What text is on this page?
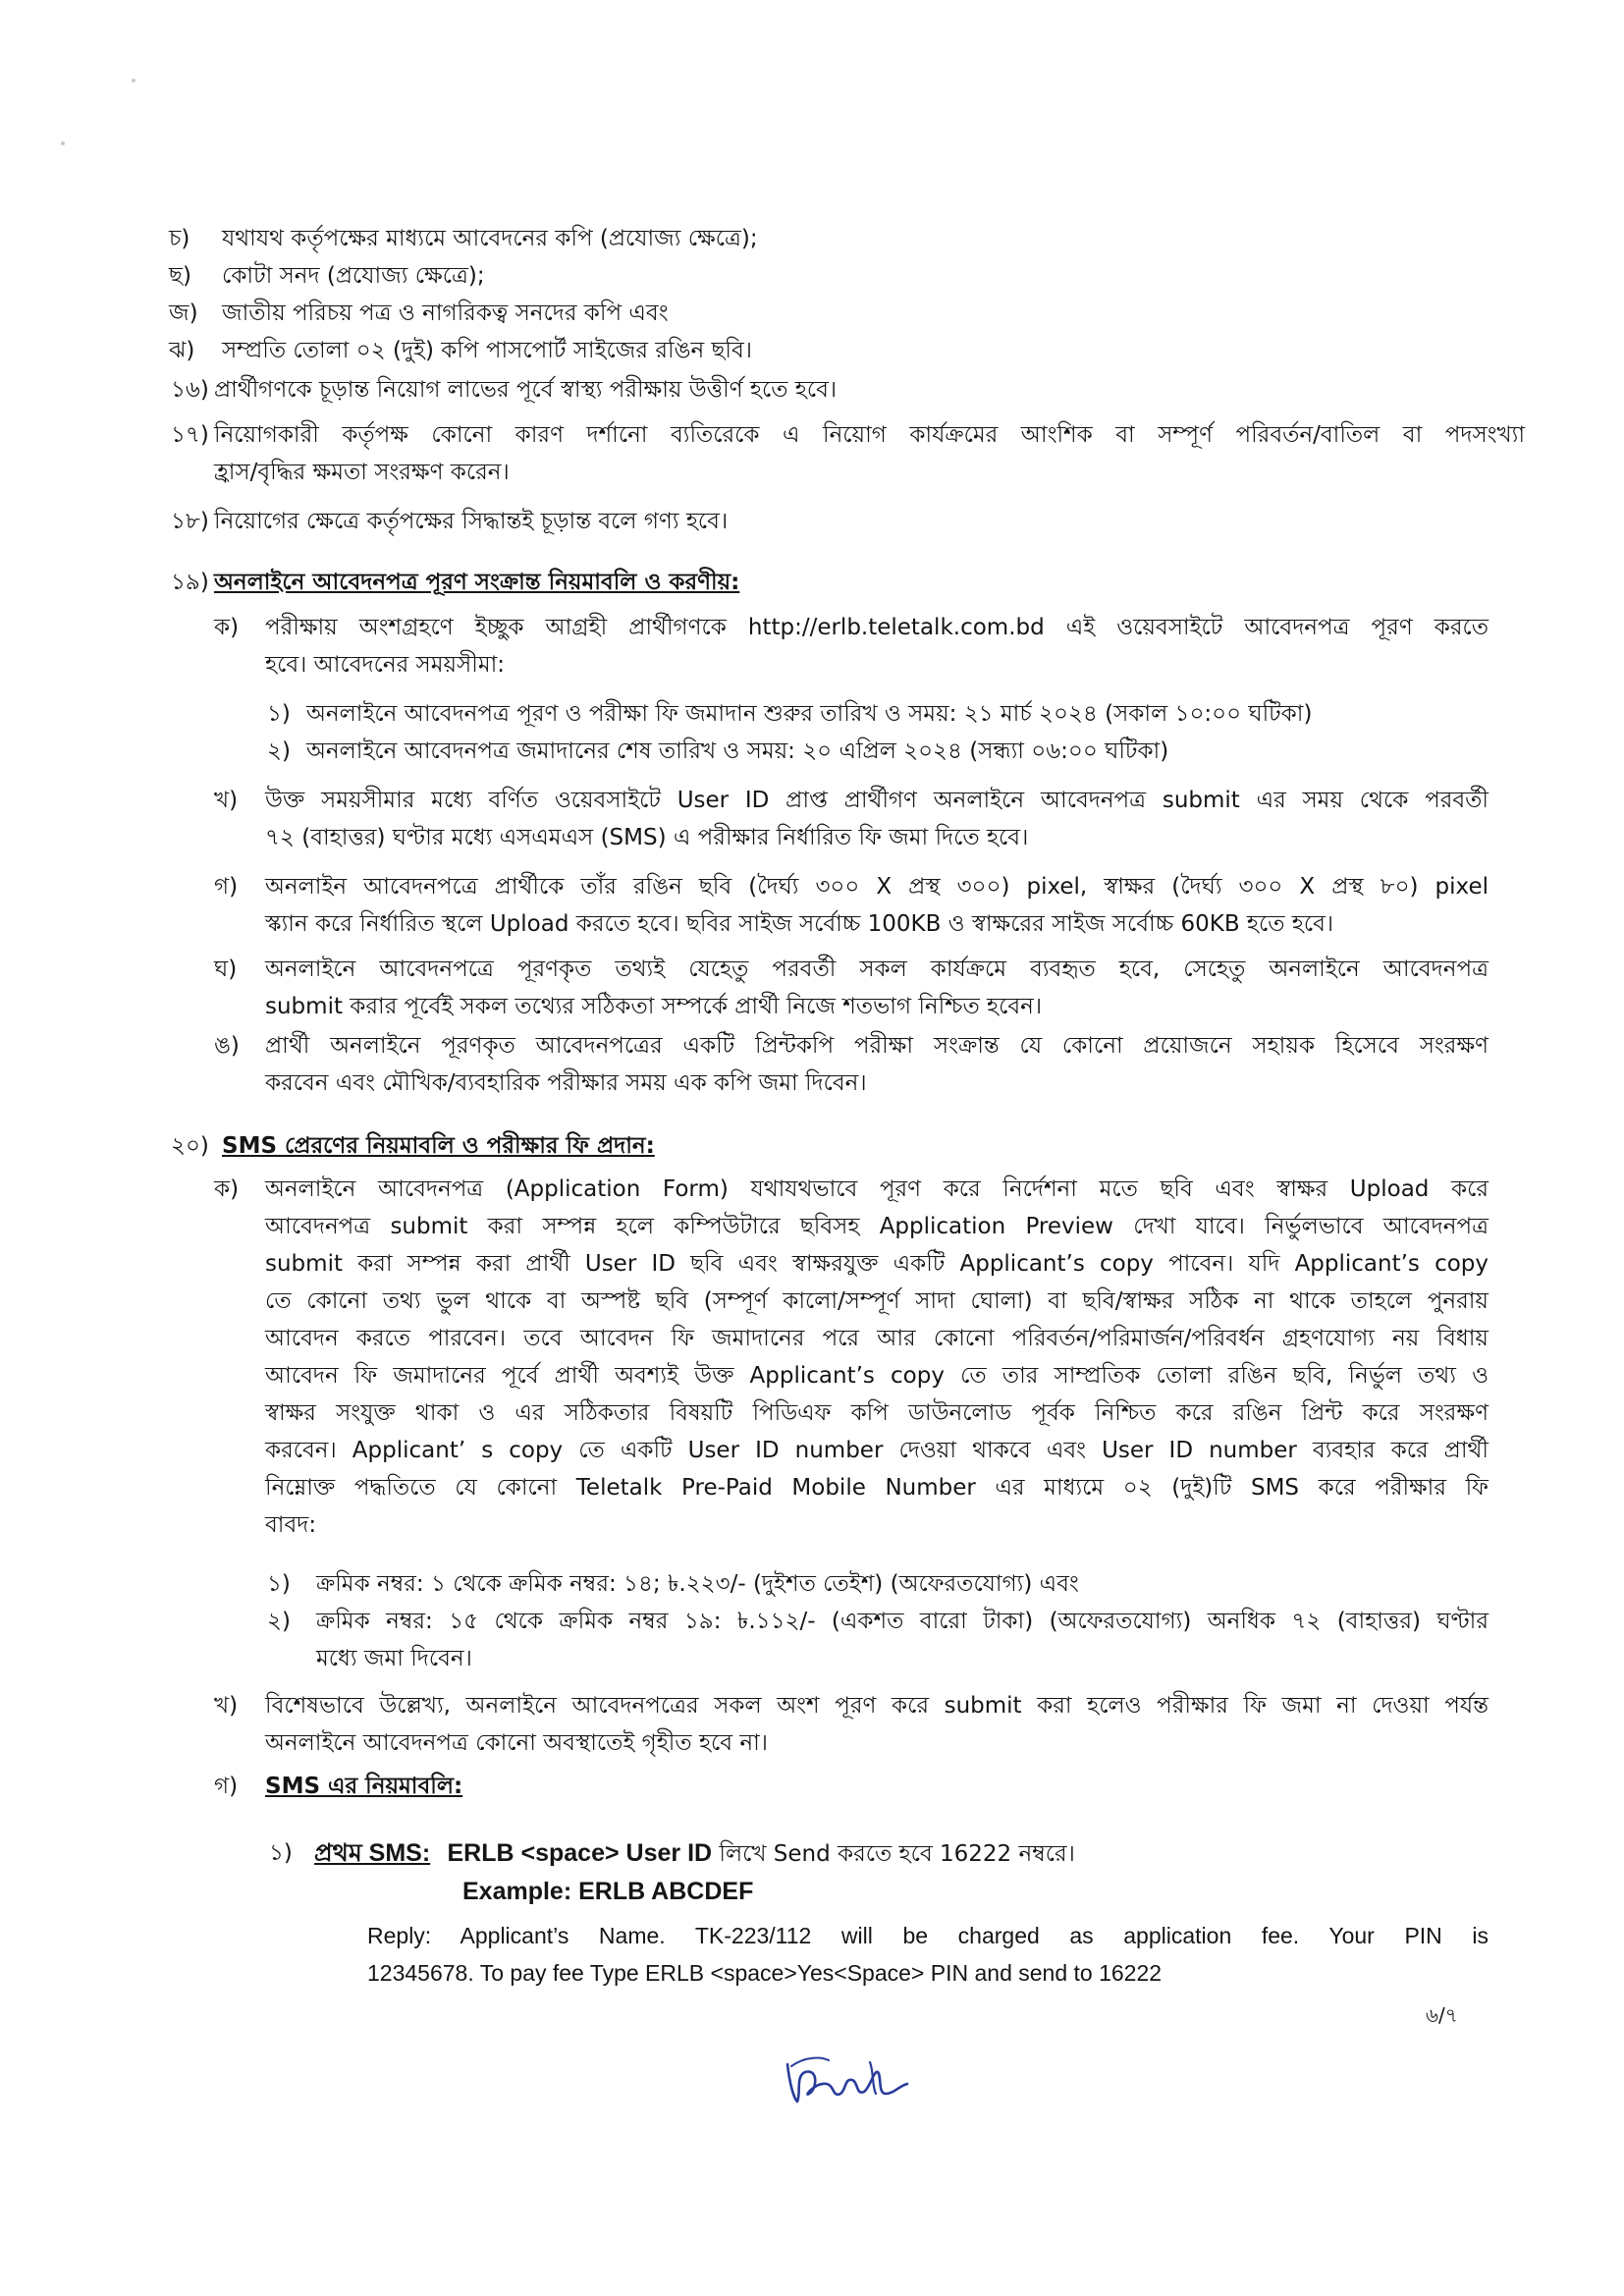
চ) যথাযথ কর্তৃপক্ষের মাধ্যমে আবেদনের কপি (প্রযোজ্য ক্ষেত্রে);
ছ) কোটা সনদ (প্রযোজ্য ক্ষেত্রে);
জ) জাতীয় পরিচয় পত্র ও নাগরিকত্ব সনদের কপি এবং
ঝ) সম্প্রতি তোলা ০২ (দুই) কপি পাসপোর্ট সাইজের রঙিন ছবি।
১৬) প্রার্থীগণকে চূড়ান্ত নিয়োগ লাভের পূর্বে স্বাস্থ্য পরীক্ষায় উত্তীর্ণ হতে হবে।
১৭) নিয়োগকারী কর্তৃপক্ষ কোনো কারণ দর্শানো ব্যতিরেকে এ নিয়োগ কার্যক্রমের আংশিক বা সম্পূর্ণ পরিবর্তন/বাতিল বা পদসংখ্যা
হ্রাস/বৃদ্ধির ক্ষমতা সংরক্ষণ করেন।
১৮) নিয়োগের ক্ষেত্রে কর্তৃপক্ষের সিদ্ধান্তই চূড়ান্ত বলে গণ্য হবে।
১৯) অনলাইনে আবেদনপত্র পূরণ সংক্রান্ত নিয়মাবলি ও করণীয়:
ক) পরীক্ষায় অংশগ্রহণে ইচ্ছুক আগ্রহী প্রার্থীগণকে http://erlb.teletalk.com.bd এই ওয়েবসাইটে আবেদনপত্র পূরণ করতে
হবে। আবেদনের সময়সীমা:
১) অনলাইনে আবেদনপত্র পূরণ ও পরীক্ষা ফি জমাদান শুরুর তারিখ ও সময়: ২১ মার্চ ২০২৪ (সকাল ১০:০০ ঘটিকা)
২) অনলাইনে আবেদনপত্র জমাদানের শেষ তারিখ ও সময়: ২০ এপ্রিল ২০২৪ (সন্ধ্যা ০৬:০০ ঘটিকা)
খ) উক্ত সময়সীমার মধ্যে বর্ণিত ওয়েবসাইটে User ID প্রাপ্ত প্রার্থীগণ অনলাইনে আবেদনপত্র submit এর সময় থেকে পরবর্তী
৭২ (বাহাত্তর) ঘণ্টার মধ্যে এসএমএস (SMS) এ পরীক্ষার নির্ধারিত ফি জমা দিতে হবে।
গ) অনলাইন আবেদনপত্রে প্রার্থীকে তাঁর রঙিন ছবি (দৈর্ঘ্য ৩০০ X প্রস্থ ৩০০) pixel, স্বাক্ষর (দৈর্ঘ্য ৩০০ X প্রস্থ ৮০) pixel
স্ক্যান করে নির্ধারিত স্থলে Upload করতে হবে। ছবির সাইজ সর্বোচ্চ 100KB ও স্বাক্ষরের সাইজ সর্বোচ্চ 60KB হতে হবে।
ঘ) অনলাইনে আবেদনপত্রে পূরণকৃত তথ্যই যেহেতু পরবর্তী সকল কার্যক্রমে ব্যবহৃত হবে, সেহেতু অনলাইনে আবেদনপত্র
submit করার পূর্বেই সকল তথ্যের সঠিকতা সম্পর্কে প্রার্থী নিজে শতভাগ নিশ্চিত হবেন।
ঙ) প্রার্থী অনলাইনে পূরণকৃত আবেদনপত্রের একটি প্রিন্টকপি পরীক্ষা সংক্রান্ত যে কোনো প্রয়োজনে সহায়ক হিসেবে সংরক্ষণ
করবেন এবং মৌখিক/ব্যবহারিক পরীক্ষার সময় এক কপি জমা দিবেন।
২০) SMS প্রেরণের নিয়মাবলি ও পরীক্ষার ফি প্রদান:
ক) অনলাইনে আবেদনপত্র (Application Form) যথাযথভাবে পূরণ করে নির্দেশনা মতে ছবি এবং স্বাক্ষর Upload করে
আবেদনপত্র submit করা সম্পন্ন হলে কম্পিউটারে ছবিসহ Application Preview দেখা যাবে। নির্ভুলভাবে আবেদনপত্র
submit করা সম্পন্ন করা প্রার্থী User ID ছবি এবং স্বাক্ষরযুক্ত একটি Applicant’s copy পাবেন। যদি Applicant’s copy
তে কোনো তথ্য ভুল থাকে বা অস্পষ্ট ছবি (সম্পূর্ণ কালো/সম্পূর্ণ সাদা ঘোলা) বা ছবি/স্বাক্ষর সঠিক না থাকে তাহলে পুনরায়
আবেদন করতে পারবেন। তবে আবেদন ফি জমাদানের পরে আর কোনো পরিবর্তন/পরিমার্জন/পরিবর্ধন গ্রহণযোগ্য নয় বিধায়
আবেদন ফি জমাদানের পূর্বে প্রার্থী অবশ্যই উক্ত Applicant’s copy তে তার সাম্প্রতিক তোলা রঙিন ছবি, নির্ভুল তথ্য ও
স্বাক্ষর সংযুক্ত থাকা ও এর সঠিকতার বিষয়টি পিডিএফ কপি ডাউনলোড পূর্বক নিশ্চিত করে রঙিন প্রিন্ট করে সংরক্ষণ
করবেন। Applicant’ s copy তে একটি User ID number দেওয়া থাকবে এবং User ID number ব্যবহার করে প্রার্থী
নিম্নোক্ত পদ্ধতিতে যে কোনো Teletalk Pre-Paid Mobile Number এর মাধ্যমে ০২ (দুই)টি SMS করে পরীক্ষার ফি
বাবদ:
১) ক্রমিক নম্বর: ১ থেকে ক্রমিক নম্বর: ১৪; ৳.২২৩/- (দুইশত তেইশ) (অফেরতযোগ্য) এবং
২) ক্রমিক নম্বর: ১৫ থেকে ক্রমিক নম্বর ১৯: ৳.১১২/- (একশত বারো টাকা) (অফেরতযোগ্য) অনধিক ৭২ (বাহাত্তর) ঘণ্টার
মধ্যে জমা দিবেন।
খ) বিশেষভাবে উল্লেখ্য, অনলাইনে আবেদনপত্রের সকল অংশ পূরণ করে submit করা হলেও পরীক্ষার ফি জমা না দেওয়া পর্যন্ত
অনলাইনে আবেদনপত্র কোনো অবস্থাতেই গৃহীত হবে না।
গ) SMS এর নিয়মাবলি:
১) প্রথম SMS: ERLB <space> User ID লিখে Send করতে হবে 16222 নম্বরে।
Example: ERLB ABCDEF
Reply: Applicant’s Name. TK-223/112 will be charged as application fee. Your PIN is
12345678. To pay fee Type ERLB <space>Yes<Space> PIN and send to 16222
৬/৭
